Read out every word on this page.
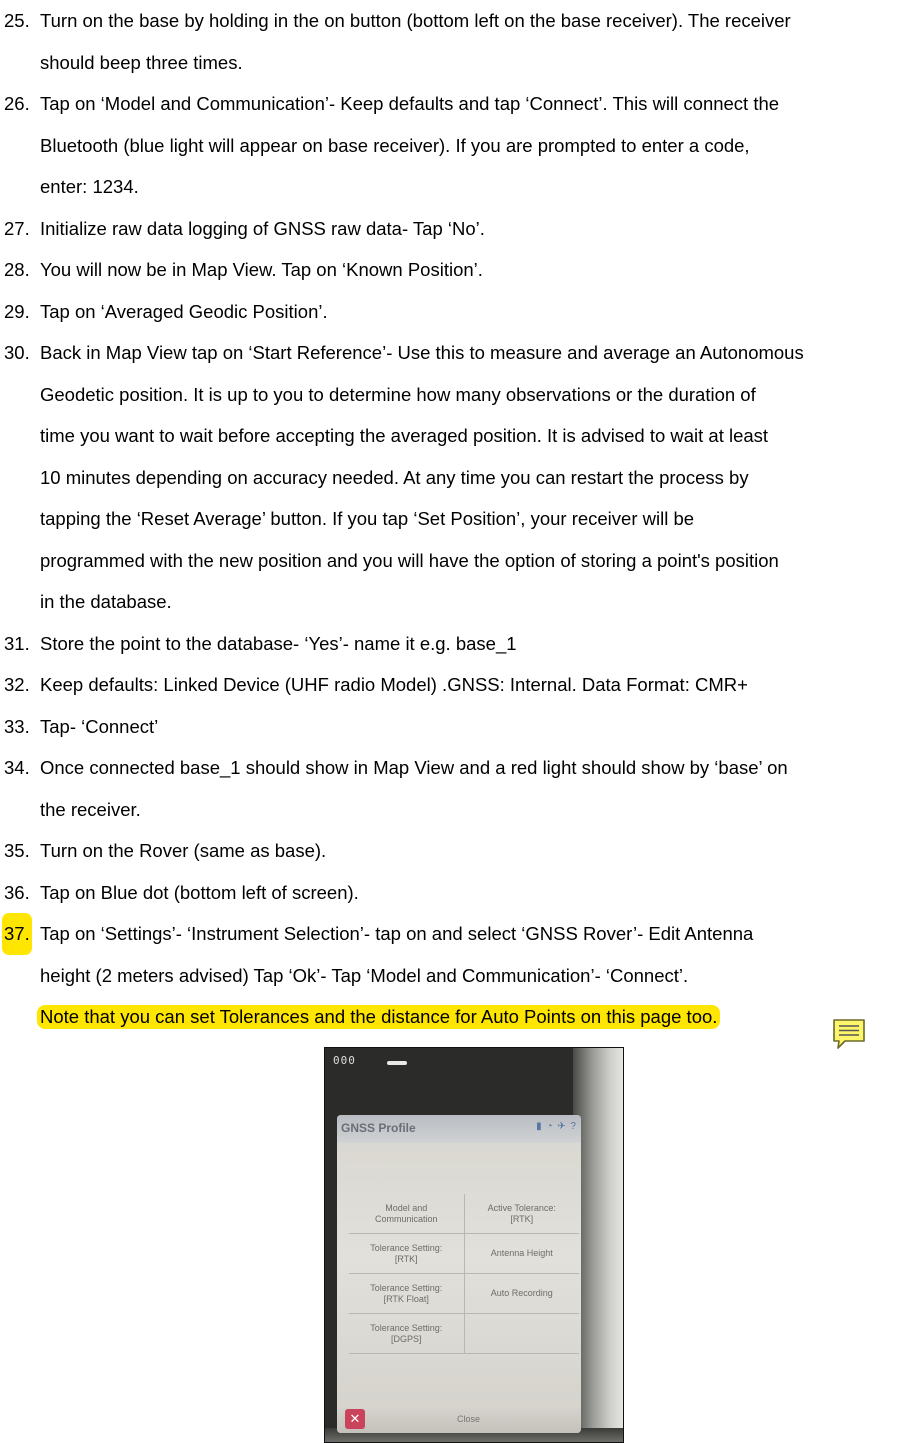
25. Turn on the base by holding in the on button (bottom left on the base receiver). The receiver
should beep three times.
26. Tap on ‘Model and Communication’- Keep defaults and tap ‘Connect’. This will connect the
Bluetooth (blue light will appear on base receiver). If you are prompted to enter a code,
enter: 1234.
27. Initialize raw data logging of GNSS raw data- Tap ‘No’.
28. You will now be in Map View. Tap on ‘Known Position’.
29. Tap on ‘Averaged Geodic Position’.
30. Back in Map View tap on ‘Start Reference’- Use this to measure and average an Autonomous
Geodetic position. It is up to you to determine how many observations or the duration of
time you want to wait before accepting the averaged position. It is advised to wait at least
10 minutes depending on accuracy needed. At any time you can restart the process by
tapping the ‘Reset Average’ button. If you tap ‘Set Position’, your receiver will be
programmed with the new position and you will have the option of storing a point's position
in the database.
31. Store the point to the database- ‘Yes’- name it e.g. base_1
32. Keep defaults: Linked Device (UHF radio Model) .GNSS: Internal. Data Format: CMR+
33. Tap- ‘Connect’
34. Once connected base_1 should show in Map View and a red light should show by ‘base’ on
the receiver.
35. Turn on the Rover (same as base).
36. Tap on Blue dot (bottom left of screen).
37. Tap on ‘Settings’- ‘Instrument Selection’- tap on and select ‘GNSS Rover’- Edit Antenna
height (2 meters advised) Tap ‘Ok’- Tap ‘Model and Communication’- ‘Connect’.
Note that you can set Tolerances and the distance for Auto Points on this page too.
000
GNSS Profile	▮ ◔ ✈ ?
Model and
Communication
Active Tolerance:
[RTK]
Tolerance Setting:
[RTK]
Antenna Height
Tolerance Setting:
[RTK Float]
Auto Recording
Tolerance Setting:
[DGPS]
✕	Close
